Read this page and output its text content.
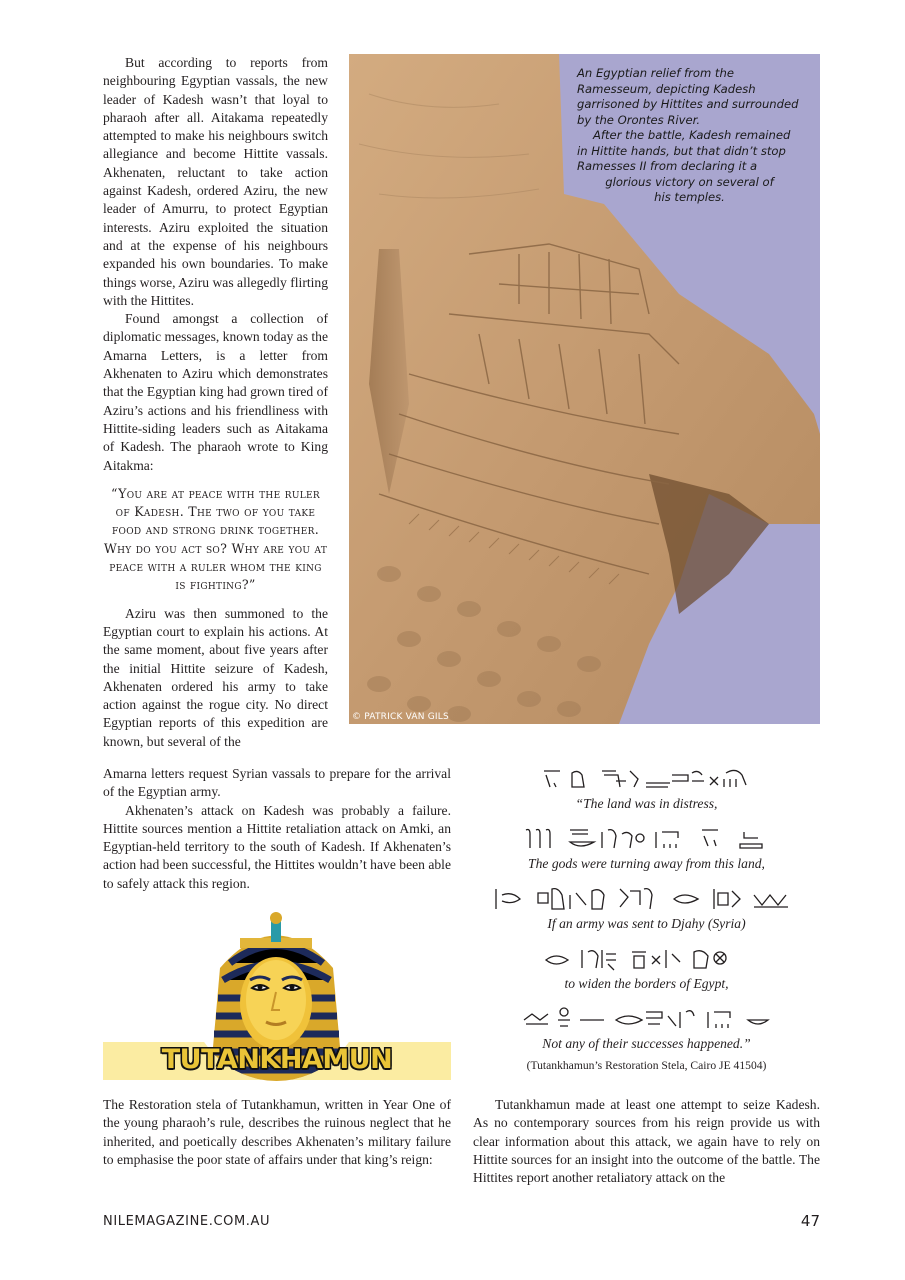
But according to reports from neighbouring Egyptian vassals, the new leader of Kadesh wasn’t that loyal to pharaoh after all. Aitakama repeatedly attempted to make his neighbours switch allegiance and become Hittite vassals. Akhenaten, reluctant to take action against Kadesh, ordered Aziru, the new leader of Amurru, to protect Egyptian interests. Aziru exploited the situation and at the expense of his neighbours expanded his own boundaries. To make things worse, Aziru was allegedly flirting with the Hittites.

Found amongst a collection of diplomatic messages, known today as the Amarna Letters, is a letter from Akhenaten to Aziru which demonstrates that the Egyptian king had grown tired of Aziru’s actions and his friendliness with Hittite-siding leaders such as Aitakama of Kadesh. The pharaoh wrote to King Aitakma:

“You are at peace with the ruler of Kadesh. The two of you take food and strong drink together. Why do you act so? Why are you at peace with a ruler whom the king is fighting?”

Aziru was then summoned to the Egyptian court to explain his actions. At the same moment, about five years after the initial Hittite seizure of Kadesh, Akhenaten ordered his army to take action against the rogue city. No direct Egyptian reports of this expedition are known, but several of the

An Egyptian relief from the Ramesseum, depicting Kadesh garrisoned by Hittites and surrounded by the Orontes River.
After the battle, Kadesh remained in Hittite hands, but that didn’t stop Ramesses II from declaring it a
glorious victory on several of
his temples.
© PATRICK VAN GILS

Amarna letters request Syrian vassals to prepare for the arrival of the Egyptian army.

Akhenaten’s attack on Kadesh was probably a failure. Hittite sources mention a Hittite retaliation attack on Amki, an Egyptian-held territory to the south of Kadesh. If Akhenaten’s action had been successful, the Hittites wouldn’t have been able to safely attack this region.

TUTANKHAMUN
“The land was in distress,
The gods were turning away from this land,
If an army was sent to Djahy (Syria)
to widen the borders of Egypt,
Not any of their successes happened.”
(Tutankhamun’s Restoration Stela, Cairo JE 41504)

The Restoration stela of Tutankhamun, written in Year One of the young pharaoh’s rule, describes the ruinous neglect that he inherited, and poetically describes Akhenaten’s military failure to emphasise the poor state of affairs under that king’s reign:

Tutankhamun made at least one attempt to seize Kadesh. As no contemporary sources from his reign provide us with clear information about this attack, we again have to rely on Hittite sources for an insight into the outcome of the battle. The Hittites report another retaliatory attack on the

NILEMAGAZINE.COM.AU	47
